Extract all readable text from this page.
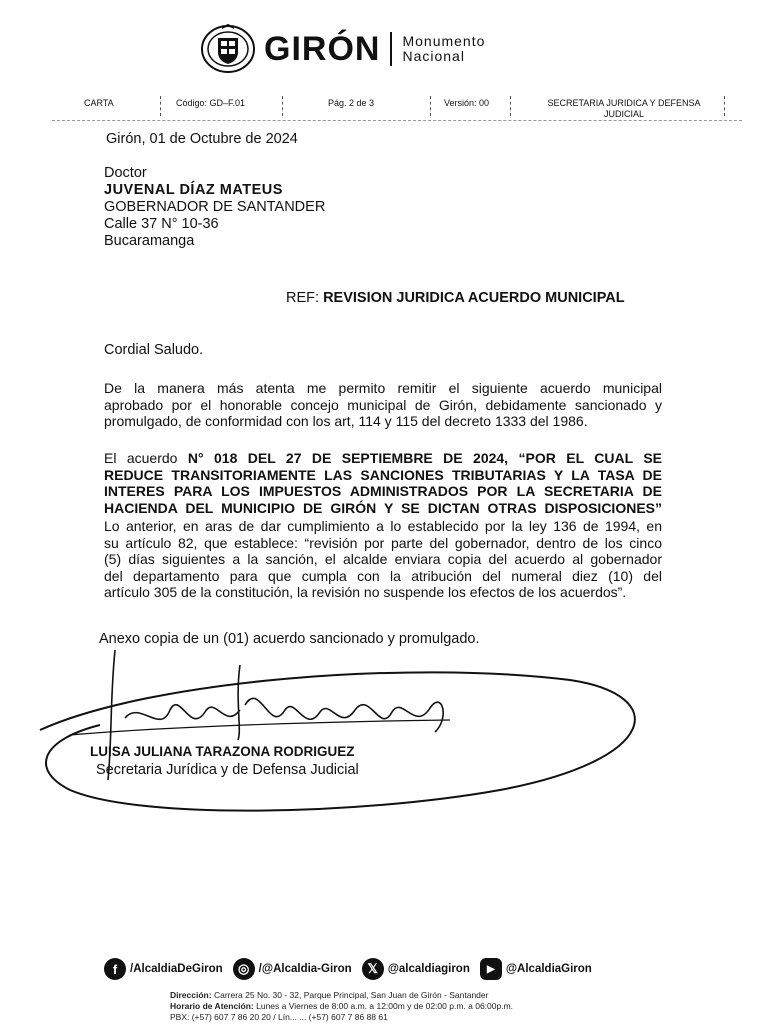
GIRÓN Monumento
Nacional
CARTA	Código: GD–F.01	Pág. 2 de 3	Versión: 00	SECRETARIA JURIDICA Y DEFENSA
JUDICIAL
Girón, 01 de Octubre de 2024
Doctor
JUVENAL DÍAZ MATEUS
GOBERNADOR DE SANTANDER
Calle 37 N° 10-36
Bucaramanga
REF: REVISION JURIDICA ACUERDO MUNICIPAL
Cordial Saludo.
De la manera más atenta me permito remitir el siguiente acuerdo municipal
aprobado por el honorable concejo municipal de Girón, debidamente sancionado y
promulgado, de conformidad con los art, 114 y 115 del decreto 1333 del 1986.
El acuerdo N° 018 DEL 27 DE SEPTIEMBRE DE 2024, “POR EL CUAL SE
REDUCE TRANSITORIAMENTE LAS SANCIONES TRIBUTARIAS Y LA TASA DE
INTERES PARA LOS IMPUESTOS ADMINISTRADOS POR LA SECRETARIA DE
HACIENDA DEL MUNICIPIO DE GIRÓN Y SE DICTAN OTRAS DISPOSICIONES”
Lo anterior, en aras de dar cumplimiento a lo establecido por la ley 136 de 1994, en
su artículo 82, que establece: “revisión por parte del gobernador, dentro de los cinco
(5) días siguientes a la sanción, el alcalde enviara copia del acuerdo al gobernador
del departamento para que cumpla con la atribución del numeral diez (10) del
artículo 305 de la constitución, la revisión no suspende los efectos de los acuerdos”.
Anexo copia de un (01) acuerdo sancionado y promulgado.
LUISA JULIANA TARAZONA RODRIGUEZ
Secretaria Jurídica y de Defensa Judicial
f	/AlcaldiaDeGiron	◎ /@Alcaldia-Giron	𝕏 @alcaldiagiron	▶ @AlcaldiaGiron
Dirección: Carrera 25 No. 30 - 32, Parque Principal, San Juan de Girón - Santander
Horario de Atención: Lunes a Viernes de 8:00 a.m. a 12:00m y de 02:00 p.m. a 06:00p.m.
PBX: (+57) 607 7 86 20 20 / Lín... ... (+57) 607 7 86 88 61
